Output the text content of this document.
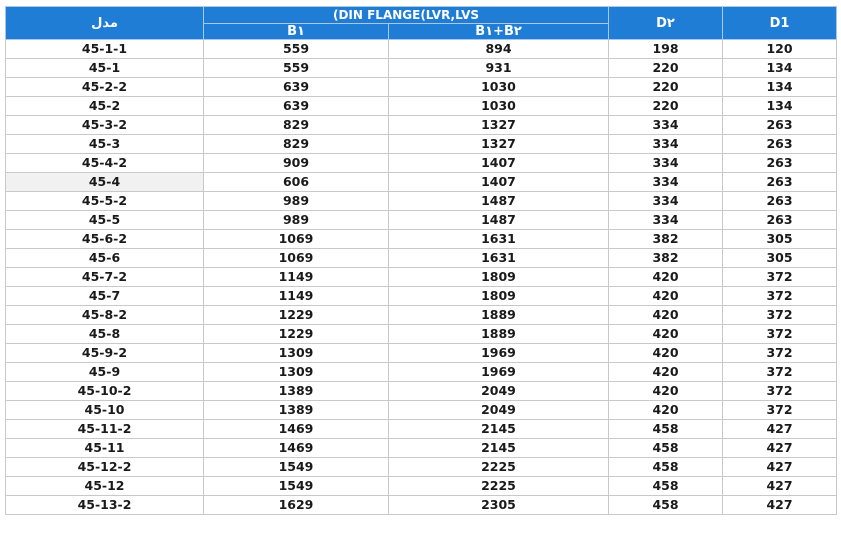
مدل	(DIN FLANGE(LVR,LVS		D۲	D1
	B۱	B۱+B۲		
45-1-1	559	894	198	120
45-1	559	931	220	134
45-2-2	639	1030	220	134
45-2	639	1030	220	134
45-3-2	829	1327	334	263
45-3	829	1327	334	263
45-4-2	909	1407	334	263
45-4	606	1407	334	263
45-5-2	989	1487	334	263
45-5	989	1487	334	263
45-6-2	1069	1631	382	305
45-6	1069	1631	382	305
45-7-2	1149	1809	420	372
45-7	1149	1809	420	372
45-8-2	1229	1889	420	372
45-8	1229	1889	420	372
45-9-2	1309	1969	420	372
45-9	1309	1969	420	372
45-10-2	1389	2049	420	372
45-10	1389	2049	420	372
45-11-2	1469	2145	458	427
45-11	1469	2145	458	427
45-12-2	1549	2225	458	427
45-12	1549	2225	458	427
45-13-2	1629	2305	458	427
